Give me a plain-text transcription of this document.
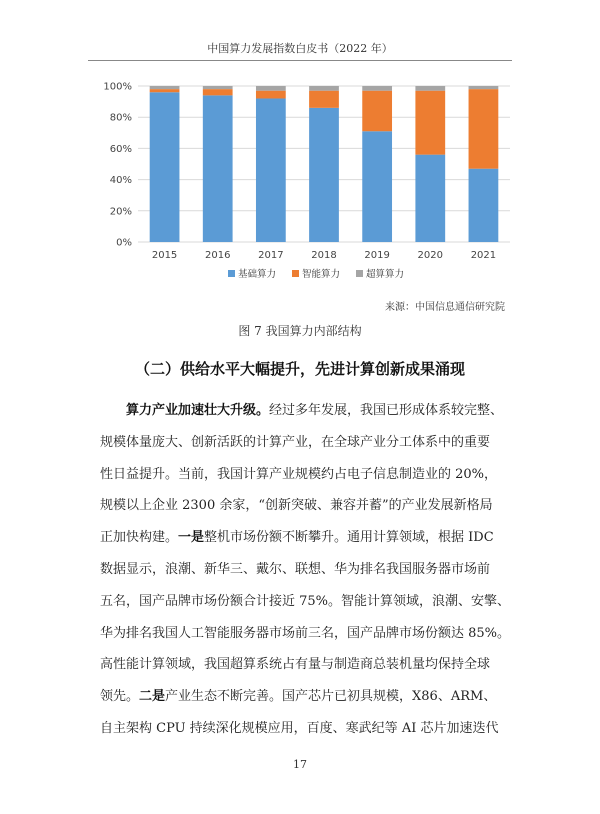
中国算力发展指数白皮书（2022 年）
0%
20%
40%
60%
80%
100%
2015	2016	2017	2018	2019	2020	2021
基础算力	智能算力	超算算力
来源：中国信息通信研究院
图 7 我国算力内部结构
（二）供给水平大幅提升，先进计算创新成果涌现
算力产业加速壮大升级。经过多年发展，我国已形成体系较完整、
规模体量庞大、创新活跃的计算产业，在全球产业分工体系中的重要
性日益提升。当前，我国计算产业规模约占电子信息制造业的 20%，
规模以上企业 2300 余家，“创新突破、兼容并蓄”的产业发展新格局
正加快构建。一是整机市场份额不断攀升。通用计算领域，根据 IDC
数据显示，浪潮、新华三、戴尔、联想、华为排名我国服务器市场前
五名，国产品牌市场份额合计接近 75%。智能计算领域，浪潮、安擎、
华为排名我国人工智能服务器市场前三名，国产品牌市场份额达 85%。
高性能计算领域，我国超算系统占有量与制造商总装机量均保持全球
领先。二是产业生态不断完善。国产芯片已初具规模，X86、ARM、
自主架构 CPU 持续深化规模应用，百度、寒武纪等 AI 芯片加速迭代
17
